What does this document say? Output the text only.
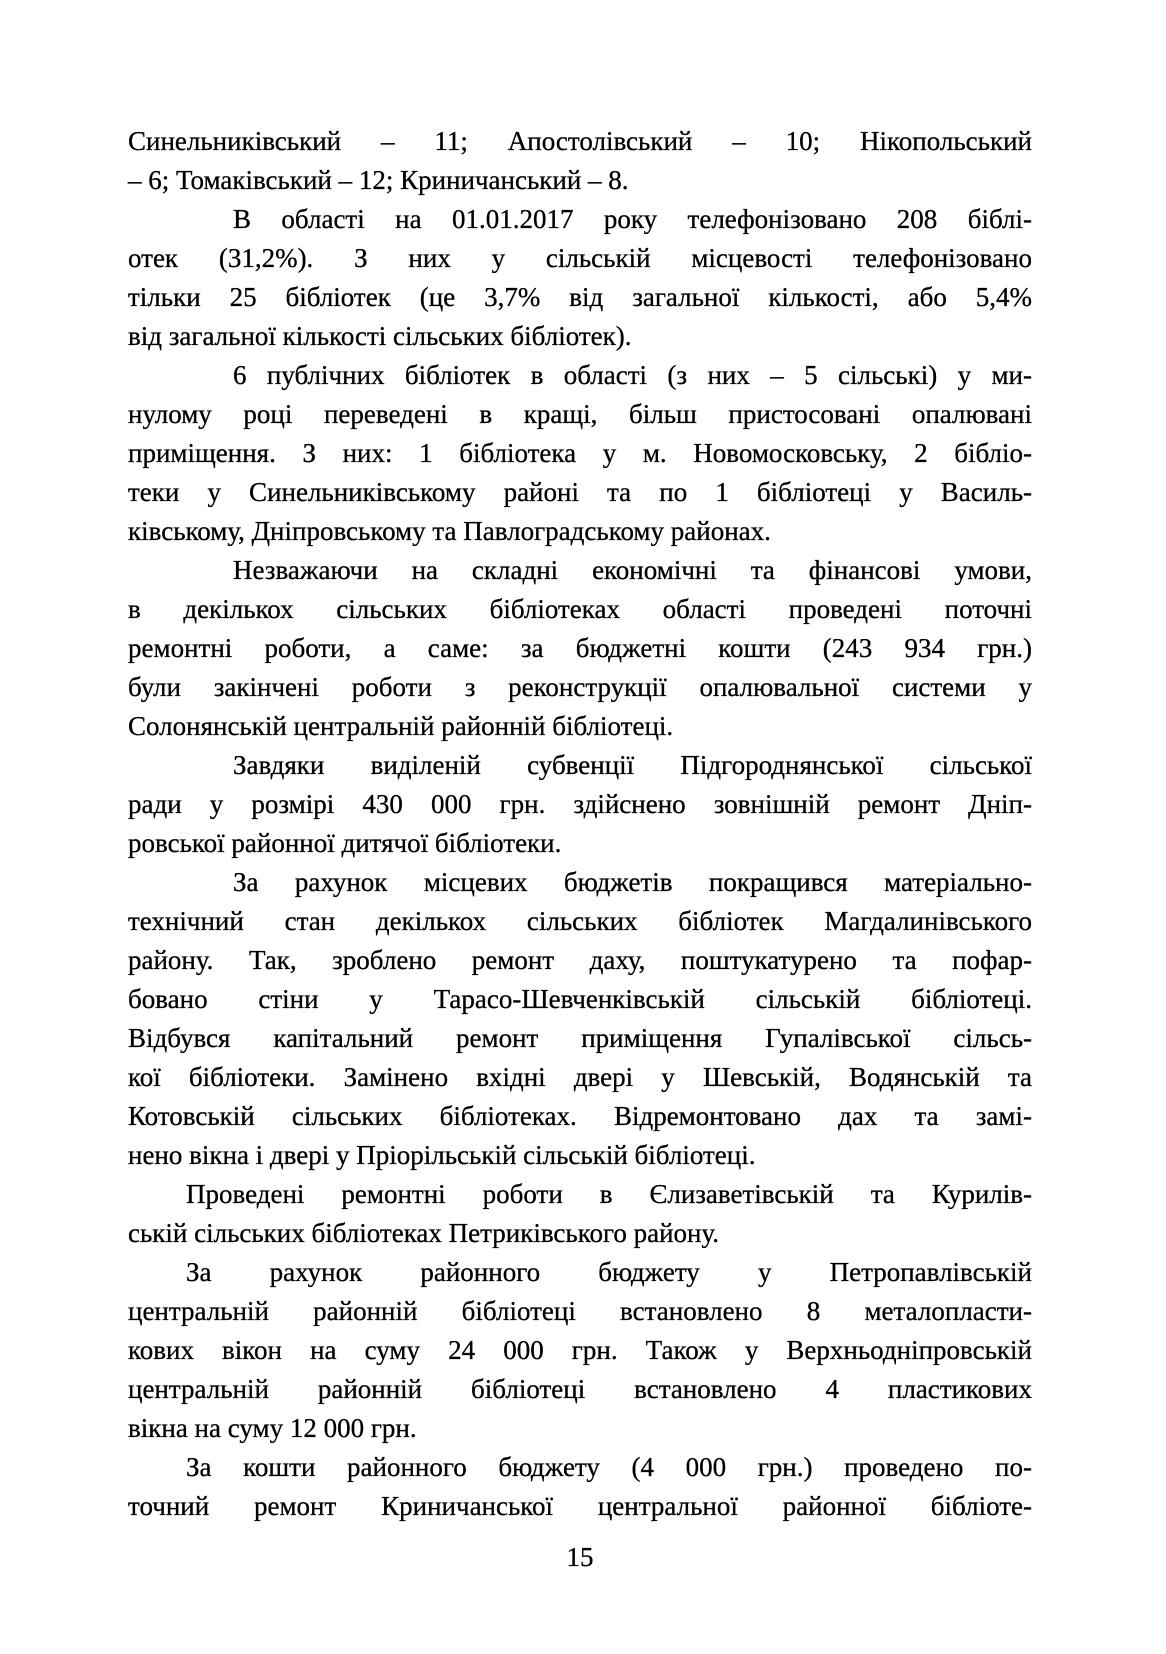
Синельниківський – 11; Апостолівський – 10; Нікопольський
– 6; Томаківський – 12; Криничанський – 8.
В області на 01.01.2017 року телефонізовано 208 біблі-
отек (31,2%). З них у сільській місцевості телефонізовано
тільки 25 бібліотек (це 3,7% від загальної кількості, або 5,4%
від загальної кількості сільських бібліотек).
6 публічних бібліотек в області (з них – 5 сільські) у ми-
нулому році переведені в кращі, більш пристосовані опалювані
приміщення. З них: 1 бібліотека у м. Новомосковську, 2 бібліо-
теки у Синельниківському районі та по 1 бібліотеці у Василь-
ківському, Дніпровському та Павлоградському районах.
Незважаючи на складні економічні та фінансові умови,
в декількох сільських бібліотеках області проведені поточні
ремонтні роботи, а саме: за бюджетні кошти (243 934 грн.)
були закінчені роботи з реконструкції опалювальної системи у
Солонянській центральній районній бібліотеці.
Завдяки виділеній субвенції Підгороднянської сільської
ради у розмірі 430 000 грн. здійснено зовнішній ремонт Дніп-
ровської районної дитячої бібліотеки.
За рахунок місцевих бюджетів покращився матеріально-
технічний стан декількох сільських бібліотек Магдалинівського
району. Так, зроблено ремонт даху, поштукатурено та пофар-
бовано стіни у Тарасо-Шевченківській сільській бібліотеці.
Відбувся капітальний ремонт приміщення Гупалівської сільсь-
кої бібліотеки. Замінено вхідні двері у Шевській, Водянській та
Котовській сільських бібліотеках. Відремонтовано дах та замі-
нено вікна і двері у Пріорільській сільській бібліотеці.
Проведені ремонтні роботи в Єлизаветівській та Курилів-
ській сільських бібліотеках Петриківського району.
За рахунок районного бюджету у Петропавлівській
центральній районній бібліотеці встановлено 8 металопласти-
кових вікон на суму 24 000 грн. Також у Верхньодніпровській
центральній районній бібліотеці встановлено 4 пластикових
вікна на суму 12 000 грн.
За кошти районного бюджету (4 000 грн.) проведено по-
точний ремонт Криничанської центральної районної бібліоте-
15
